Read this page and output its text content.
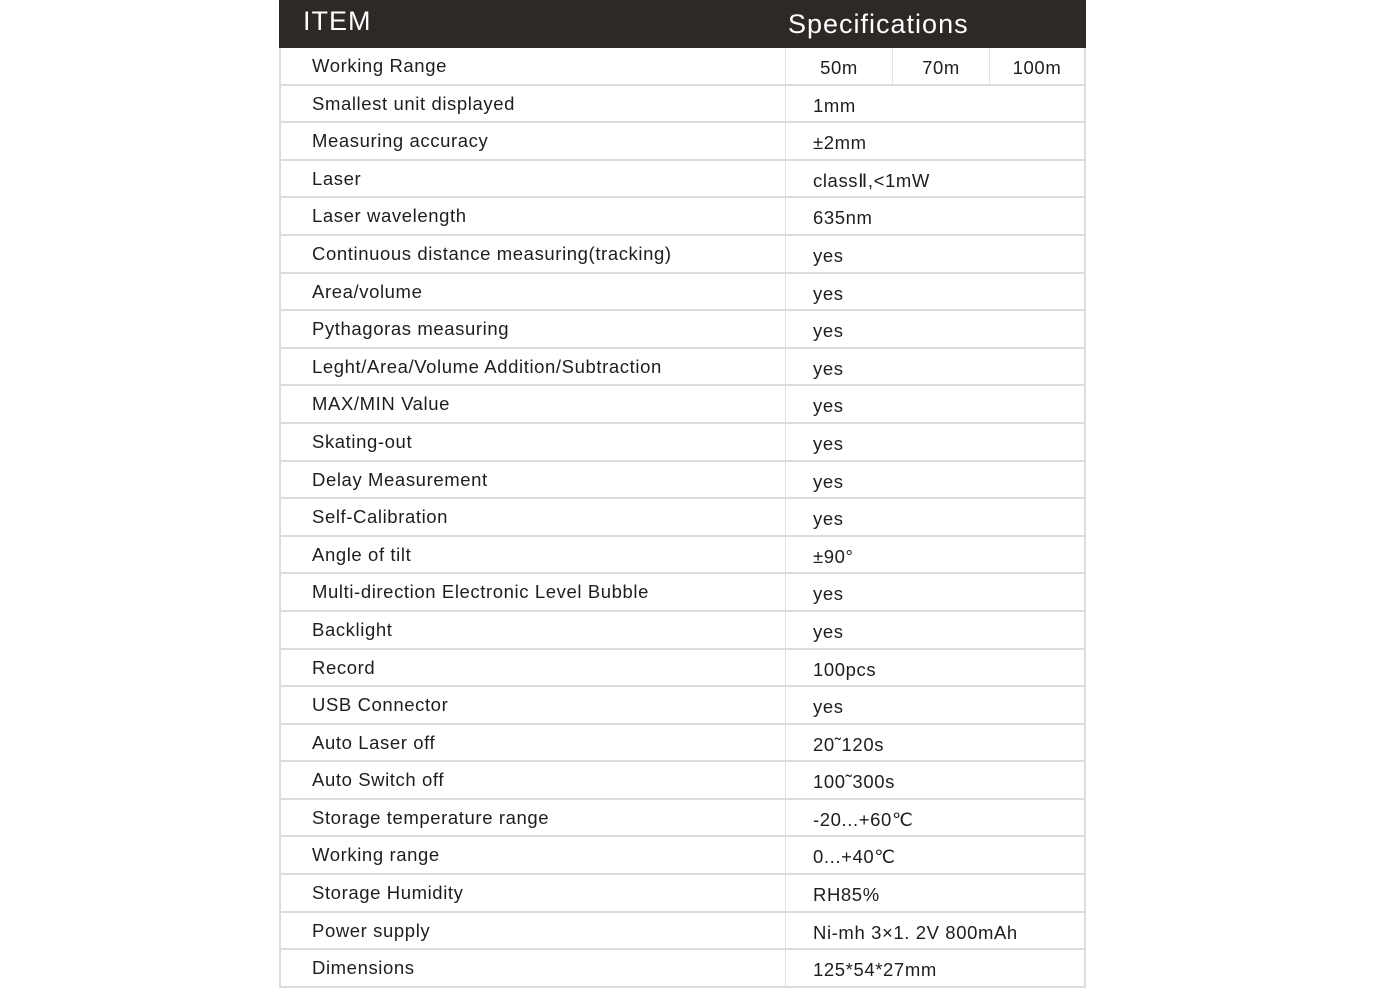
ITEM	Specifications
Working Range	50m	70m	100m
Smallest unit displayed	1mm
Measuring accuracy	±2mm
Laser	classⅡ,<1mW
Laser wavelength	635nm
Continuous distance measuring(tracking)	yes
Area/volume	yes
Pythagoras measuring	yes
Leght/Area/Volume Addition/Subtraction	yes
MAX/MIN Value	yes
Skating-out	yes
Delay Measurement	yes
Self-Calibration	yes
Angle of tilt	±90°
Multi-direction Electronic Level Bubble	yes
Backlight	yes
Record	100pcs
USB Connector	yes
Auto Laser off	20˜120s
Auto Switch off	100˜300s
Storage temperature range	-20...+60℃
Working range	0...+40℃
Storage Humidity	RH85%
Power supply	Ni-mh 3×1. 2V 800mAh
Dimensions	125*54*27mm
